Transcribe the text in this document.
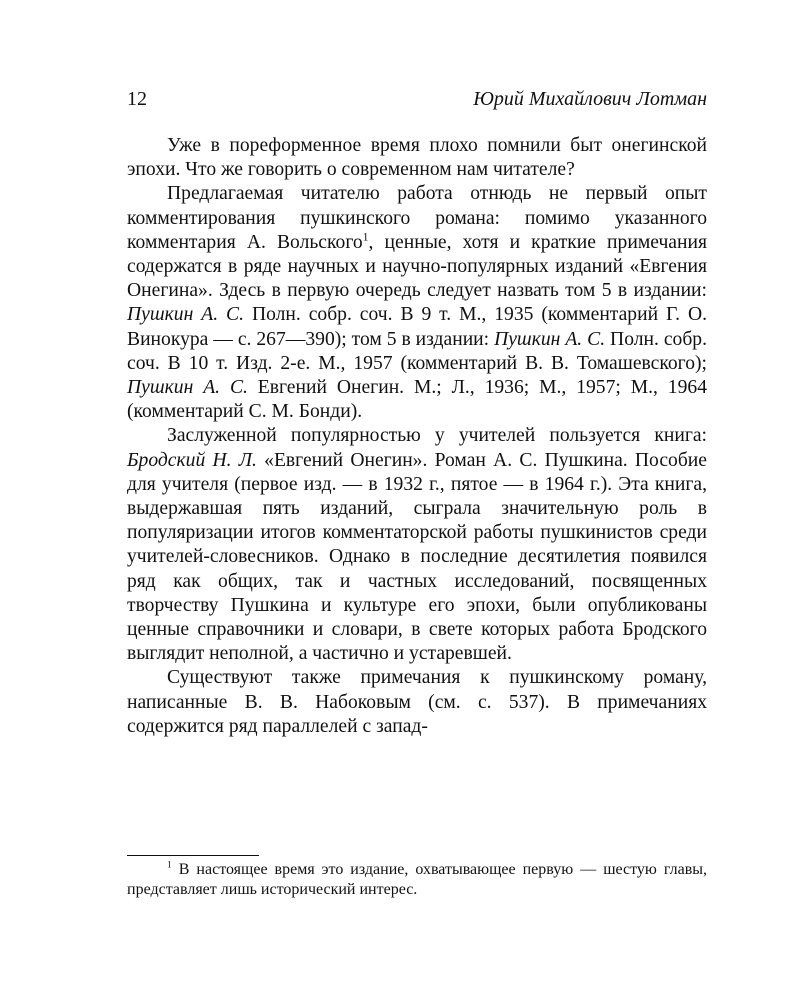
12	Юрий Михайлович Лотман

Уже в пореформенное время плохо помнили быт онегинской эпохи. Что же говорить о современном нам читателе?

Предлагаемая читателю работа отнюдь не первый опыт комментирования пушкинского романа: помимо указанного комментария А. Вольского$^1$, ценные, хотя и краткие примечания содержатся в ряде научных и научно-популярных изданий «Евгения Онегина». Здесь в первую очередь следует назвать том 5 в издании: Пушкин А. С. Полн. собр. соч. В 9 т. М., 1935 (комментарий Г. О. Винокура — с. 267—390); том 5 в издании: Пушкин А. С. Полн. собр. соч. В 10 т. Изд. 2-е. М., 1957 (комментарий В. В. Томашевского); Пушкин А. С. Евгений Онегин. М.; Л., 1936; М., 1957; М., 1964 (комментарий С. М. Бонди).

Заслуженной популярностью у учителей пользуется книга: Бродский Н. Л. «Евгений Онегин». Роман А. С. Пушкина. Пособие для учителя (первое изд. — в 1932 г., пятое — в 1964 г.). Эта книга, выдержавшая пять изданий, сыграла значительную роль в популяризации итогов комментаторской работы пушкинистов среди учителей-словесников. Однако в последние десятилетия появился ряд как общих, так и частных исследований, посвященных творчеству Пушкина и культуре его эпохи, были опубликованы ценные справочники и словари, в свете которых работа Бродского выглядит неполной, а частично и устаревшей.

Существуют также примечания к пушкинскому роману, написанные В. В. Набоковым (см. с. 537). В примечаниях содержится ряд параллелей с запад-

$^1$ В настоящее время это издание, охватывающее первую — шестую главы, представляет лишь исторический интерес.
